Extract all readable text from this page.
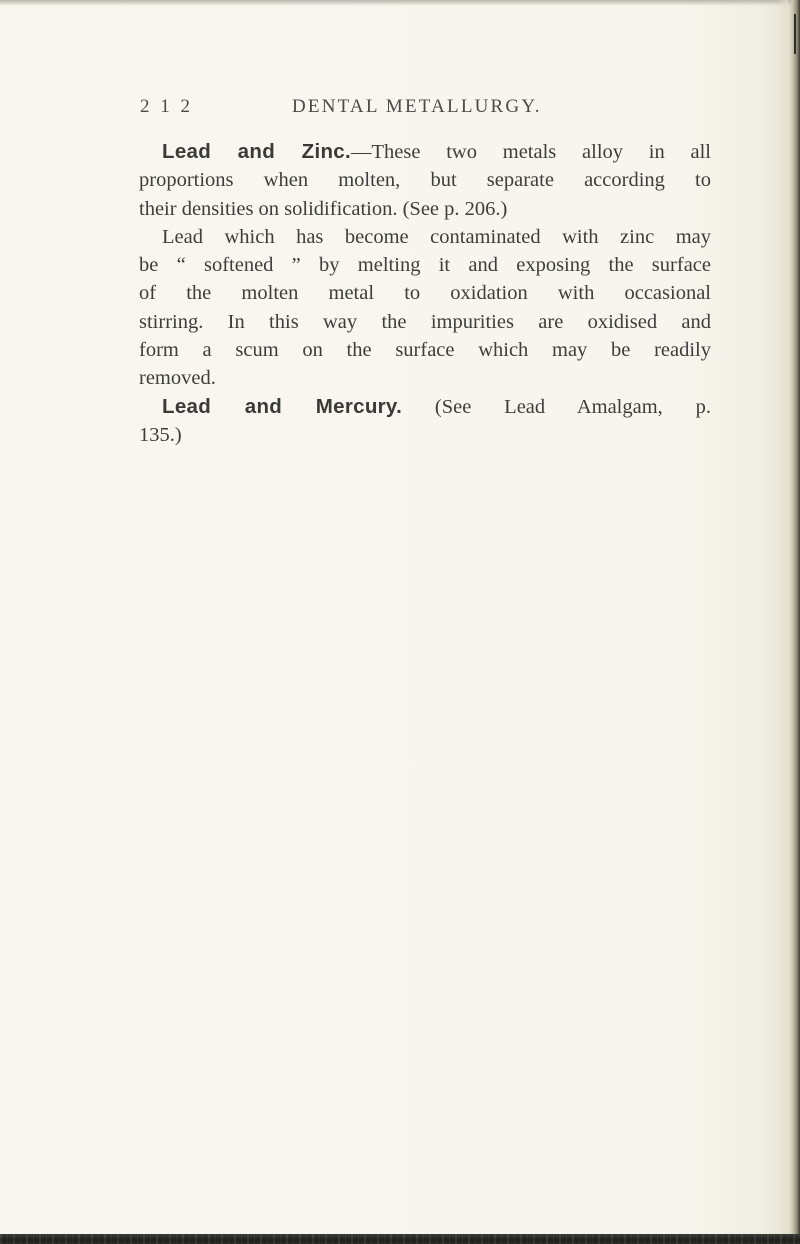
2 1 2	DENTAL METALLURGY.

Lead and Zinc.—These two metals alloy in all
proportions when molten, but separate according to
their densities on solidification. (See p. 206.)

Lead which has become contaminated with zinc may
be “ softened ” by melting it and exposing the surface
of the molten metal to oxidation with occasional
stirring. In this way the impurities are oxidised and
form a scum on the surface which may be readily
removed.

Lead and Mercury. (See Lead Amalgam, p.
135.)
